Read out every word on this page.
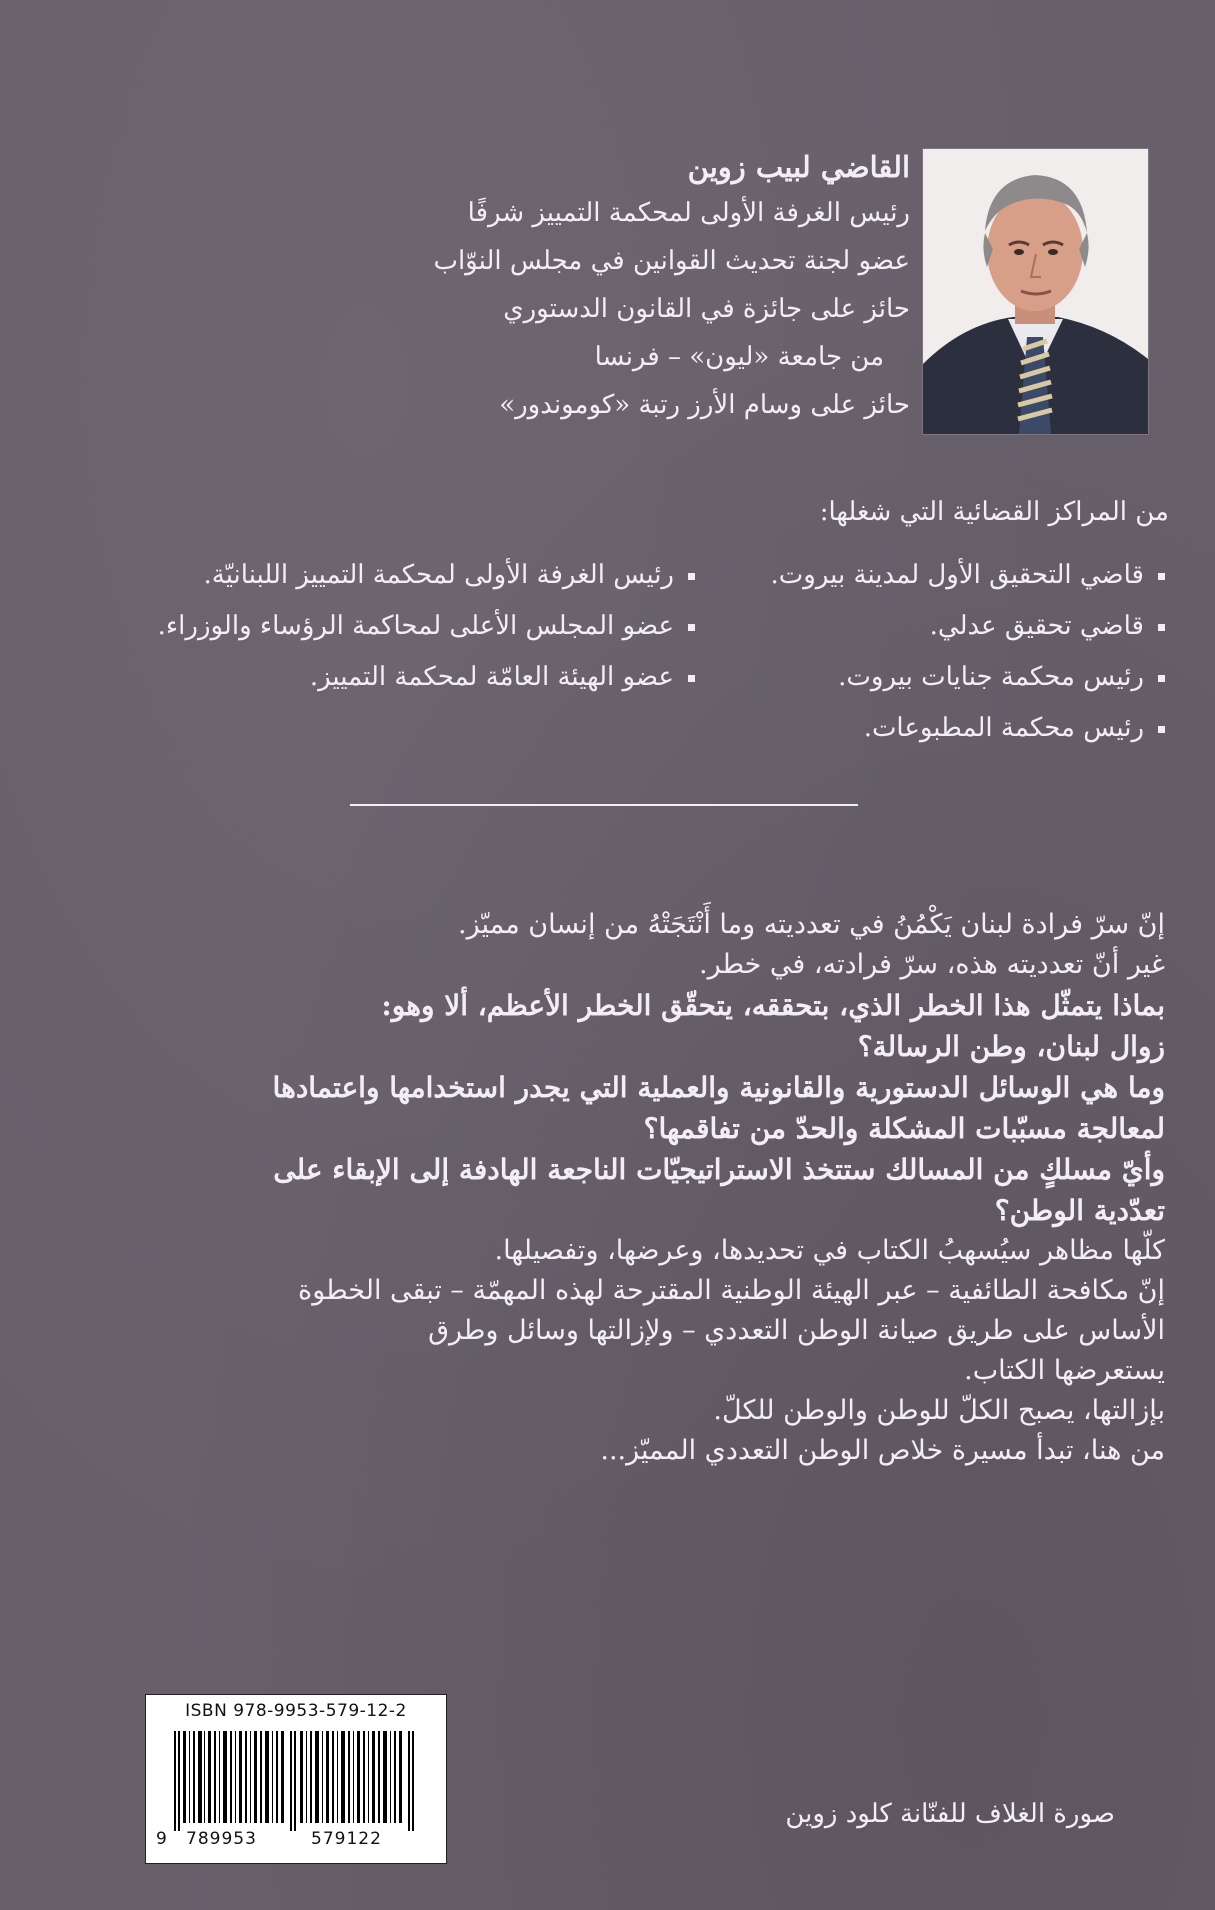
القاضي لبيب زوين
رئيس الغرفة الأولى لمحكمة التمييز شرفًا
عضو لجنة تحديث القوانين في مجلس النوّاب
حائز على جائزة في القانون الدستوري
من جامعة «ليون» – فرنسا
حائز على وسام الأرز رتبة «كوموندور»
من المراكز القضائية التي شغلها:
قاضي التحقيق الأول لمدينة بيروت.
قاضي تحقيق عدلي.
رئيس محكمة جنايات بيروت.
رئيس محكمة المطبوعات.
رئيس الغرفة الأولى لمحكمة التمييز اللبنانيّة.
عضو المجلس الأعلى لمحاكمة الرؤساء والوزراء.
عضو الهيئة العامّة لمحكمة التمييز.

إنّ سرّ فرادة لبنان يَكْمُنُ في تعدديته وما أَنْتَجَتْهُ من إنسان مميّز.

غير أنّ تعدديته هذه، سرّ فرادته، في خطر.

بماذا يتمثّل هذا الخطر الذي، بتحققه، يتحقّق الخطر الأعظم، ألا وهو:

زوال لبنان، وطن الرسالة؟

وما هي الوسائل الدستورية والقانونية والعملية التي يجدر استخدامها واعتمادها

لمعالجة مسبّبات المشكلة والحدّ من تفاقمها؟

وأيّ مسلكٍ من المسالك ستتخذ الاستراتيجيّات الناجعة الهادفة إلى الإبقاء على

تعدّدية الوطن؟

كلّها مظاهر سيُسهبُ الكتاب في تحديدها، وعرضها، وتفصيلها.

إنّ مكافحة الطائفية – عبر الهيئة الوطنية المقترحة لهذه المهمّة – تبقى الخطوة

الأساس على طريق صيانة الوطن التعددي – ولإزالتها وسائل وطرق

يستعرضها الكتاب.

بإزالتها، يصبح الكلّ للوطن والوطن للكلّ.

من هنا، تبدأ مسيرة خلاص الوطن التعددي المميّز...

ISBN 978-9953-579-12-2
9 789953	579122
صورة الغلاف للفنّانة كلود زوين
